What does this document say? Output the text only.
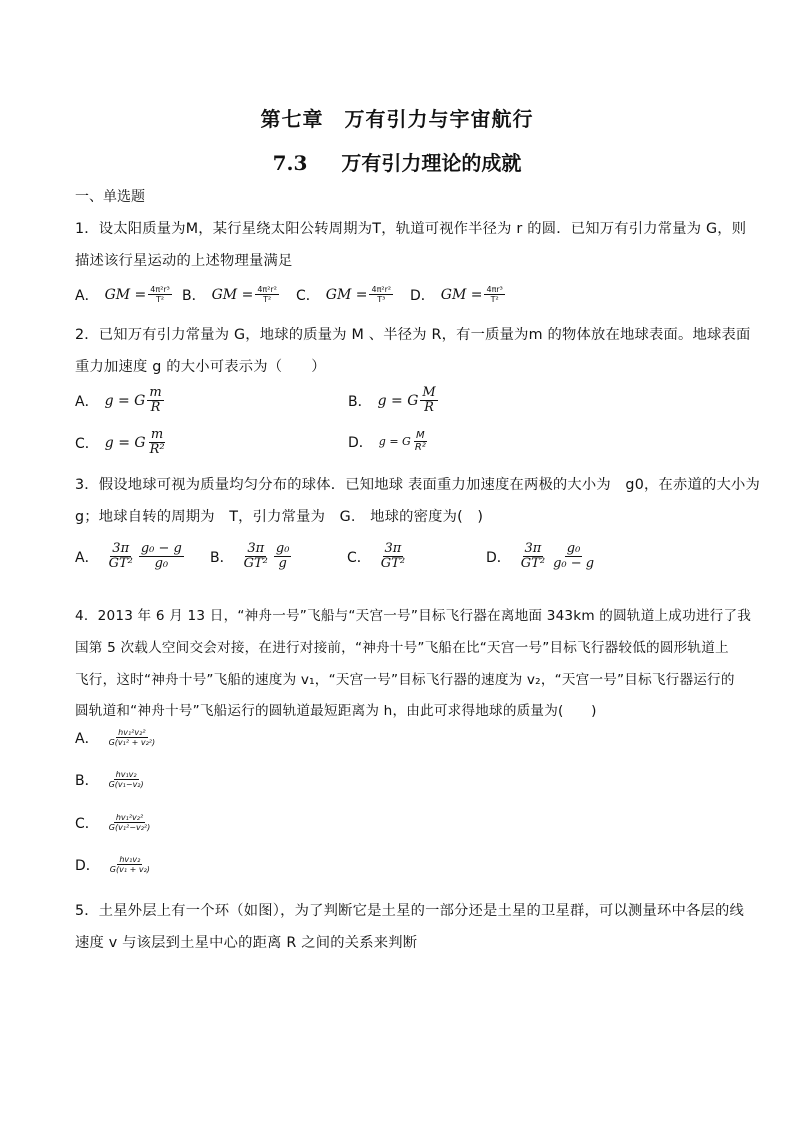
第七章　万有引力与宇宙航行
7.3 万有引力理论的成就
一、单选题
1．设太阳质量为M，某行星绕太阳公转周期为T，轨道可视作半径为 r 的圆．已知万有引力常量为 G，则
描述该行星运动的上述物理量满足
A． GM = $\frac{\text{4π²r³}}{\text{T²}}$ B． GM = $\frac{\text{4π²r²}}{\text{T²}}$ C． GM = $\frac{\text{4π²r²}}{\text{T³}}$ D． GM = $\frac{\text{4πr³}}{\text{T²}}$
2．已知万有引力常量为 G，地球的质量为 M 、半径为 R，有一质量为m 的物体放在地球表面。地球表面
重力加速度 g 的大小可表示为（　　）
A． g = G $\frac{m}{R}$	B． g = G $\frac{M}{R}$
C． g = G $\frac{m}{\text{R²}}$	D． g = G $\frac{M}{\text{R²}}$
3．假设地球可视为质量均匀分布的球体．已知地球 表面重力加速度在两极的大小为　g0，在赤道的大小为
g；地球自转的周期为　T，引力常量为　G.　地球的密度为(　)
A． $\frac{3\pi}{\text{GT²}} \frac{\text{g₀ − g}}{\text{g₀}}$ B． $\frac{3\pi}{\text{GT²}} \frac{\text{g₀}}{g}$	C． $\frac{3\pi}{\text{GT²}}$	D． $\frac{3\pi}{\text{GT²}} \frac{\text{g₀}}{\text{g₀ − g}}$
4．2013 年 6 月 13 日，“神舟一号”飞船与“天宫一号”目标飞行器在离地面 343km 的圆轨道上成功进行了我
国第 5 次载人空间交会对接，在进行对接前，“神舟十号”飞船在比“天宫一号”目标飞行器较低的圆形轨道上
飞行，这时“神舟十号”飞船的速度为 v₁，“天宫一号”目标飞行器的速度为 v₂，“天宫一号”目标飞行器运行的
圆轨道和“神舟十号”飞船运行的圆轨道最短距离为 h，由此可求得地球的质量为(　　)
A． $\frac{\text{hv₁²v₂²}}{\text{G(v₁² + v₂²)}}$
B． $\frac{\text{hv₁v₂}}{\text{G(v₁−v₂)}}$
C． $\frac{\text{hv₁²v₂²}}{\text{G(v₁²−v₂²)}}$
D． $\frac{\text{hv₁v₂}}{\text{G(v₁ + v₂)}}$
5．土星外层上有一个环（如图），为了判断它是土星的一部分还是土星的卫星群，可以测量环中各层的线
速度 v 与该层到土星中心的距离 R 之间的关系来判断
